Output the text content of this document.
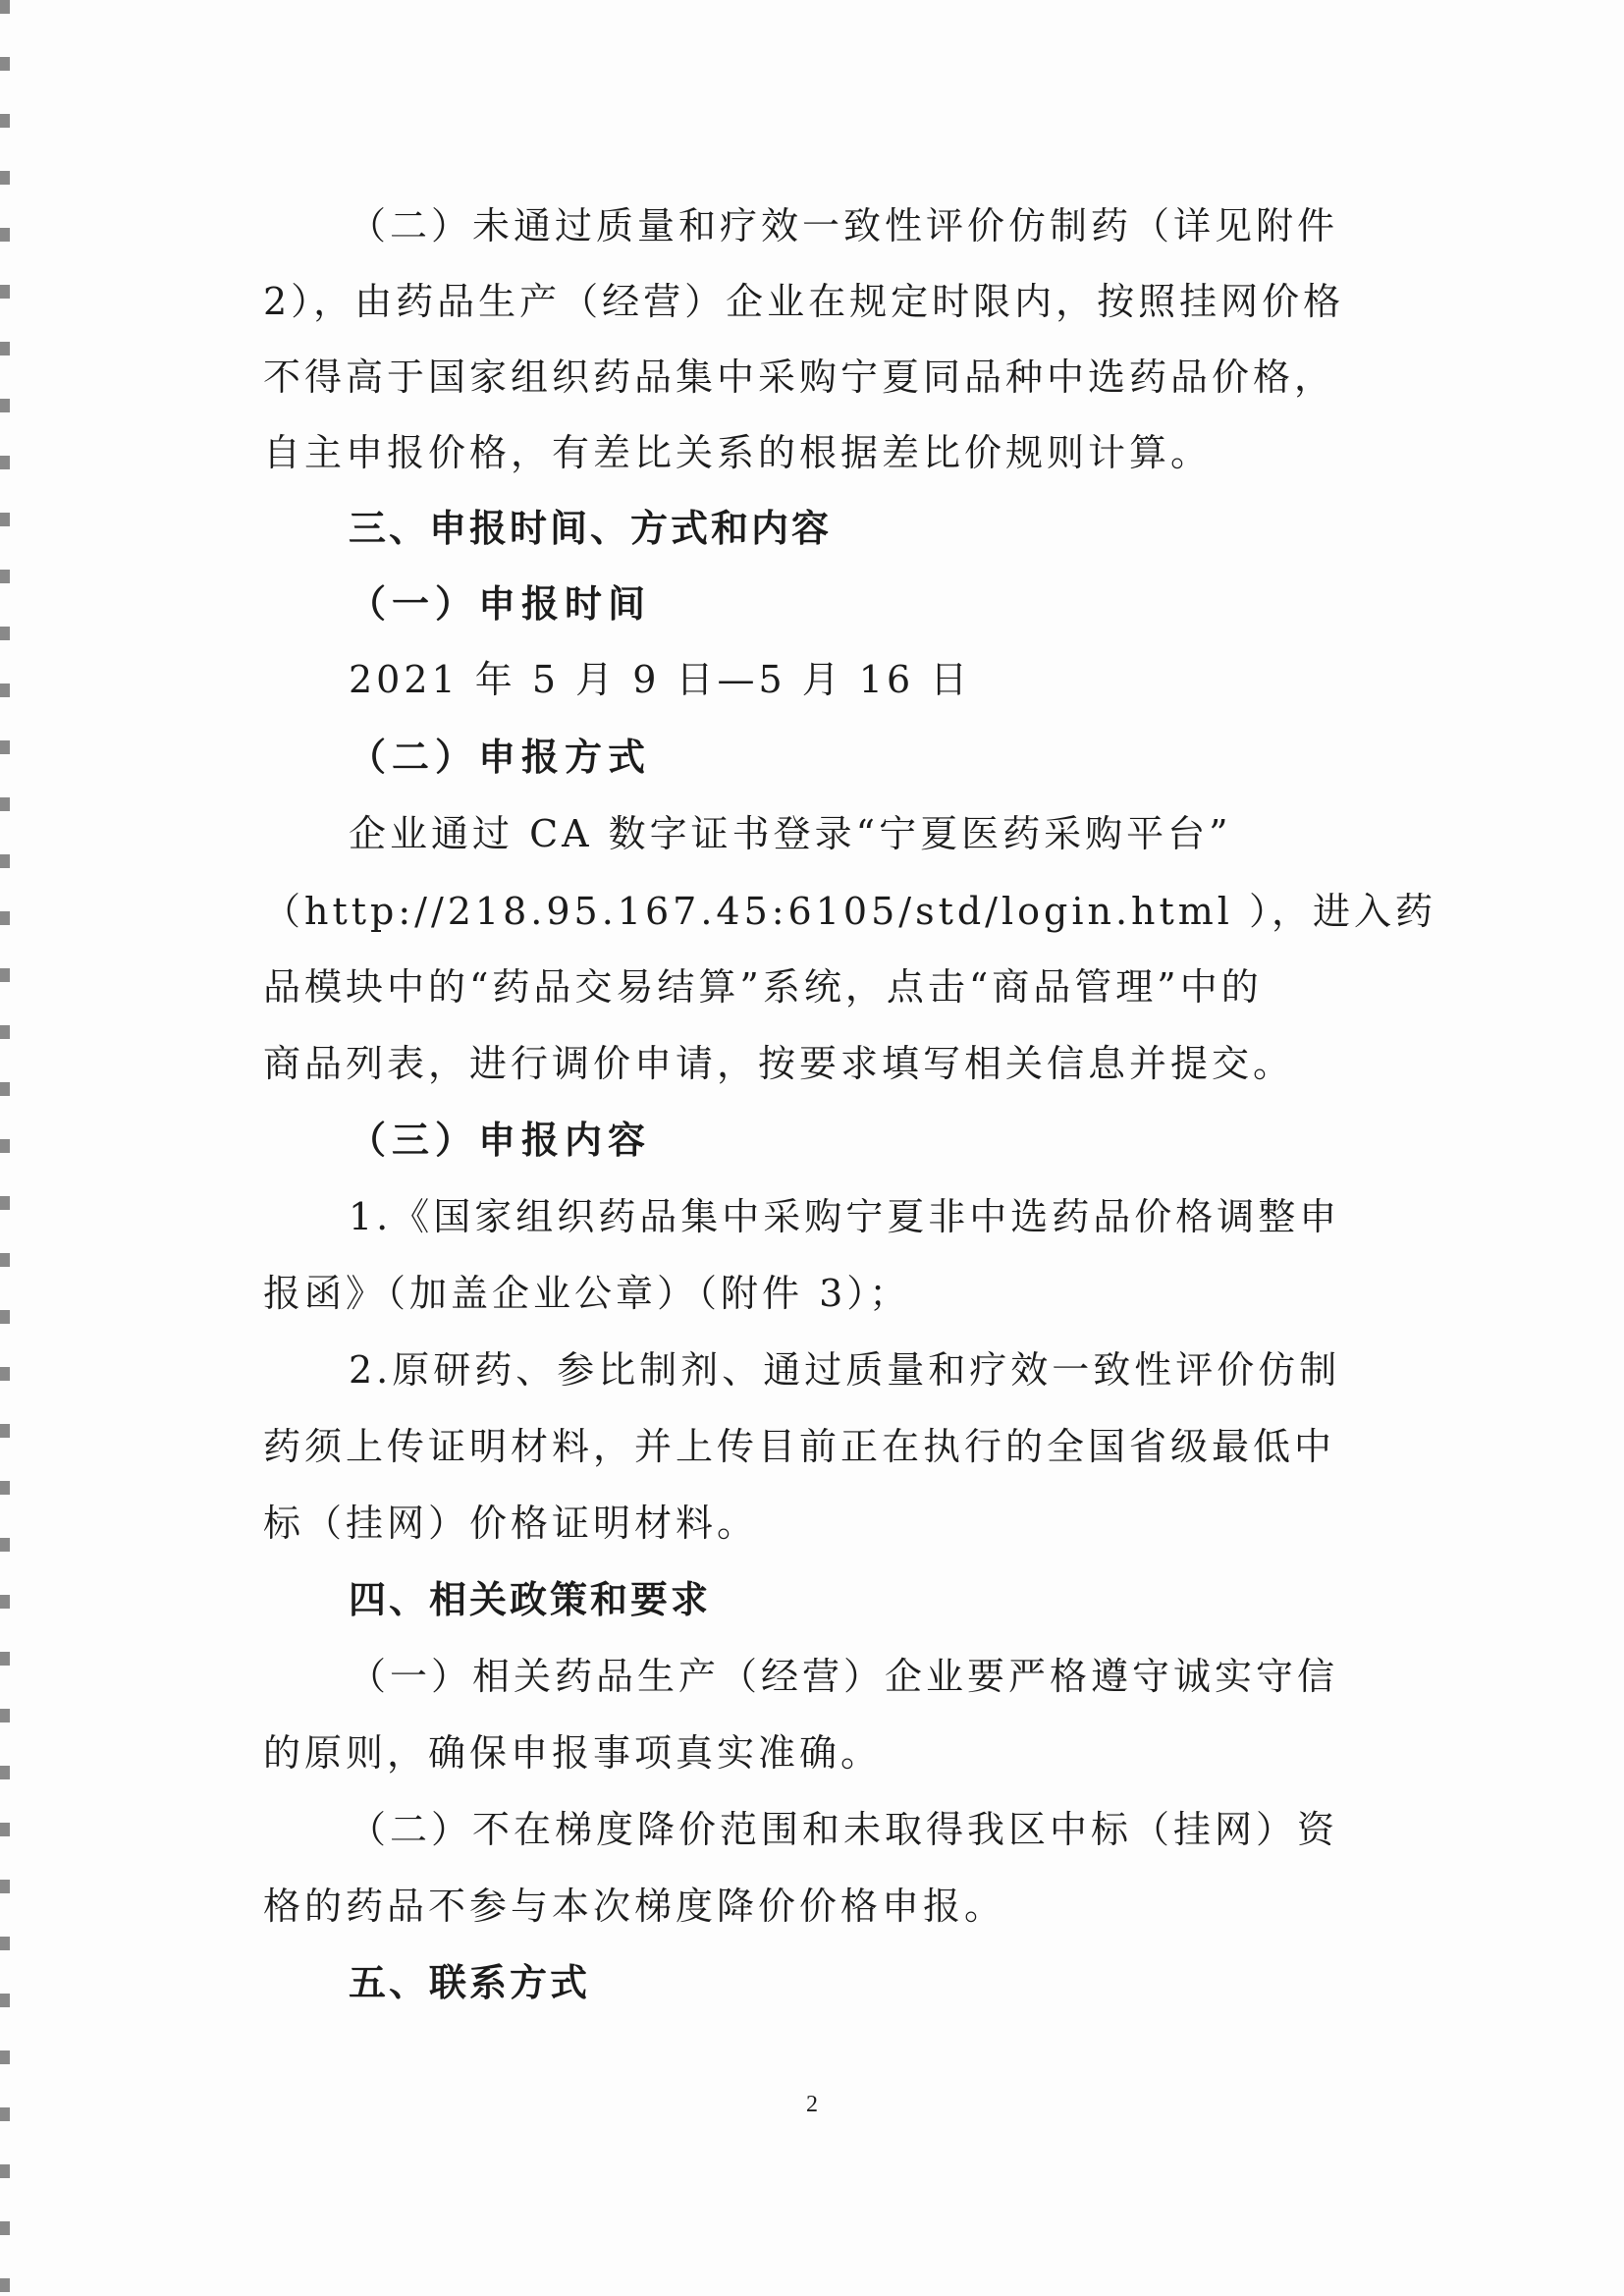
（二）未通过质量和疗效一致性评价仿制药（详见附件
2），由药品生产（经营）企业在规定时限内，按照挂网价格
不得高于国家组织药品集中采购宁夏同品种中选药品价格，
自主申报价格，有差比关系的根据差比价规则计算。
三、申报时间、方式和内容
（一）申报时间
2021 年 5 月 9 日—5 月 16 日
（二）申报方式
企业通过 CA 数字证书登录“宁夏医药采购平台”
（http://218.95.167.45:6105/std/login.html ），进入药
品模块中的“药品交易结算”系统，点击“商品管理”中的
商品列表，进行调价申请，按要求填写相关信息并提交。
（三）申报内容
1.《国家组织药品集中采购宁夏非中选药品价格调整申
报函》（加盖企业公章）（附件 3）；
2.原研药、参比制剂、通过质量和疗效一致性评价仿制
药须上传证明材料，并上传目前正在执行的全国省级最低中
标（挂网）价格证明材料。
四、相关政策和要求
（一）相关药品生产（经营）企业要严格遵守诚实守信
的原则，确保申报事项真实准确。
（二）不在梯度降价范围和未取得我区中标（挂网）资
格的药品不参与本次梯度降价价格申报。
五、联系方式
2
